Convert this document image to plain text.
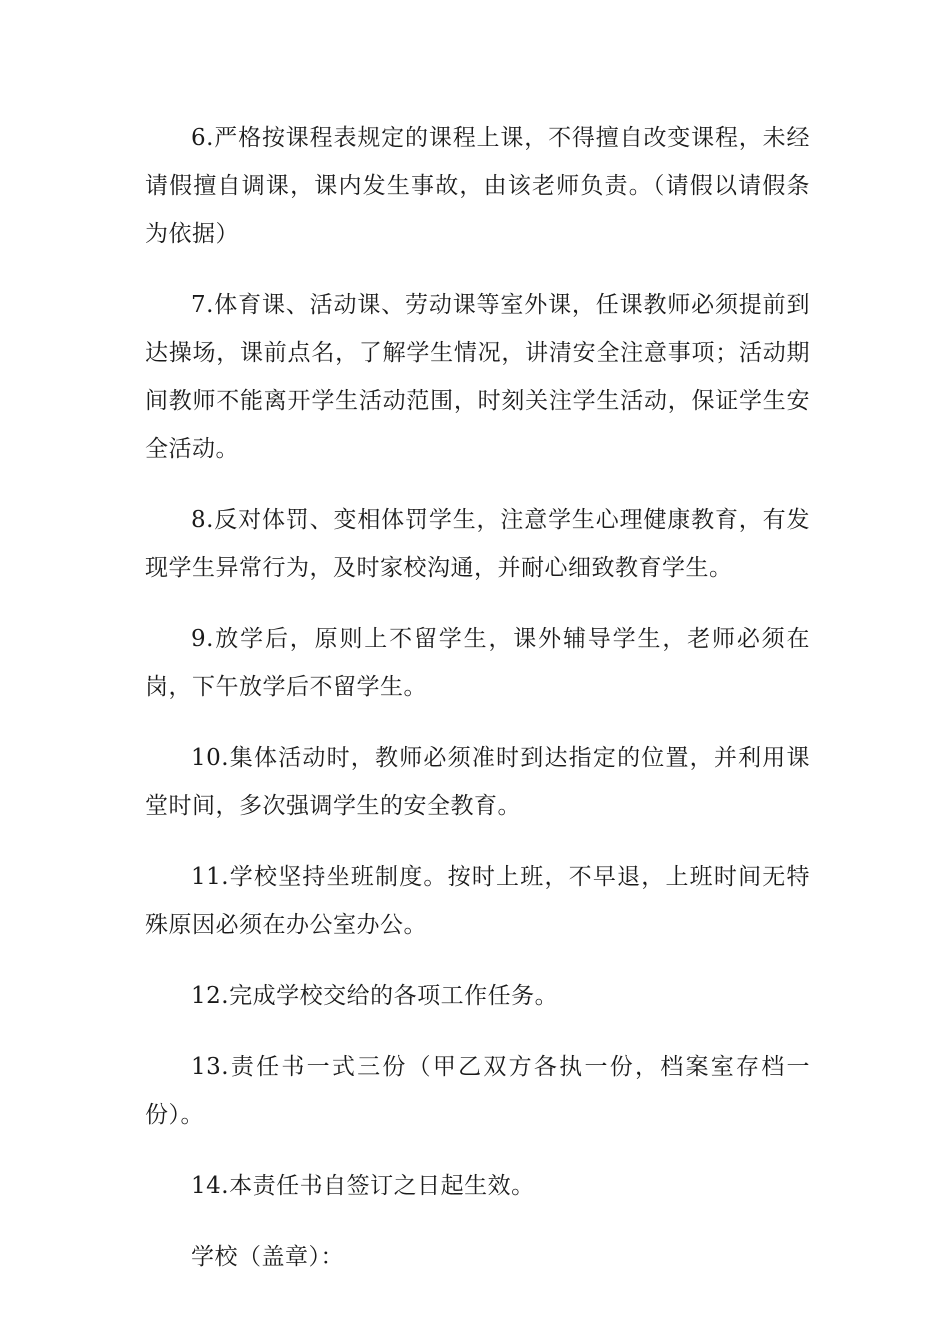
6.严格按课程表规定的课程上课，不得擅自改变课程，未经请假擅自调课，课内发生事故，由该老师负责。（请假以请假条为依据）

7.体育课、活动课、劳动课等室外课，任课教师必须提前到达操场，课前点名，了解学生情况，讲清安全注意事项；活动期间教师不能离开学生活动范围，时刻关注学生活动，保证学生安全活动。

8.反对体罚、变相体罚学生，注意学生心理健康教育，有发现学生异常行为，及时家校沟通，并耐心细致教育学生。

9.放学后，原则上不留学生，课外辅导学生，老师必须在岗，下午放学后不留学生。

10.集体活动时，教师必须准时到达指定的位置，并利用课堂时间，多次强调学生的安全教育。

11.学校坚持坐班制度。按时上班，不早退，上班时间无特殊原因必须在办公室办公。

12.完成学校交给的各项工作任务。

13.责任书一式三份（甲乙双方各执一份，档案室存档一份）。

14.本责任书自签订之日起生效。

学校（盖章）：
